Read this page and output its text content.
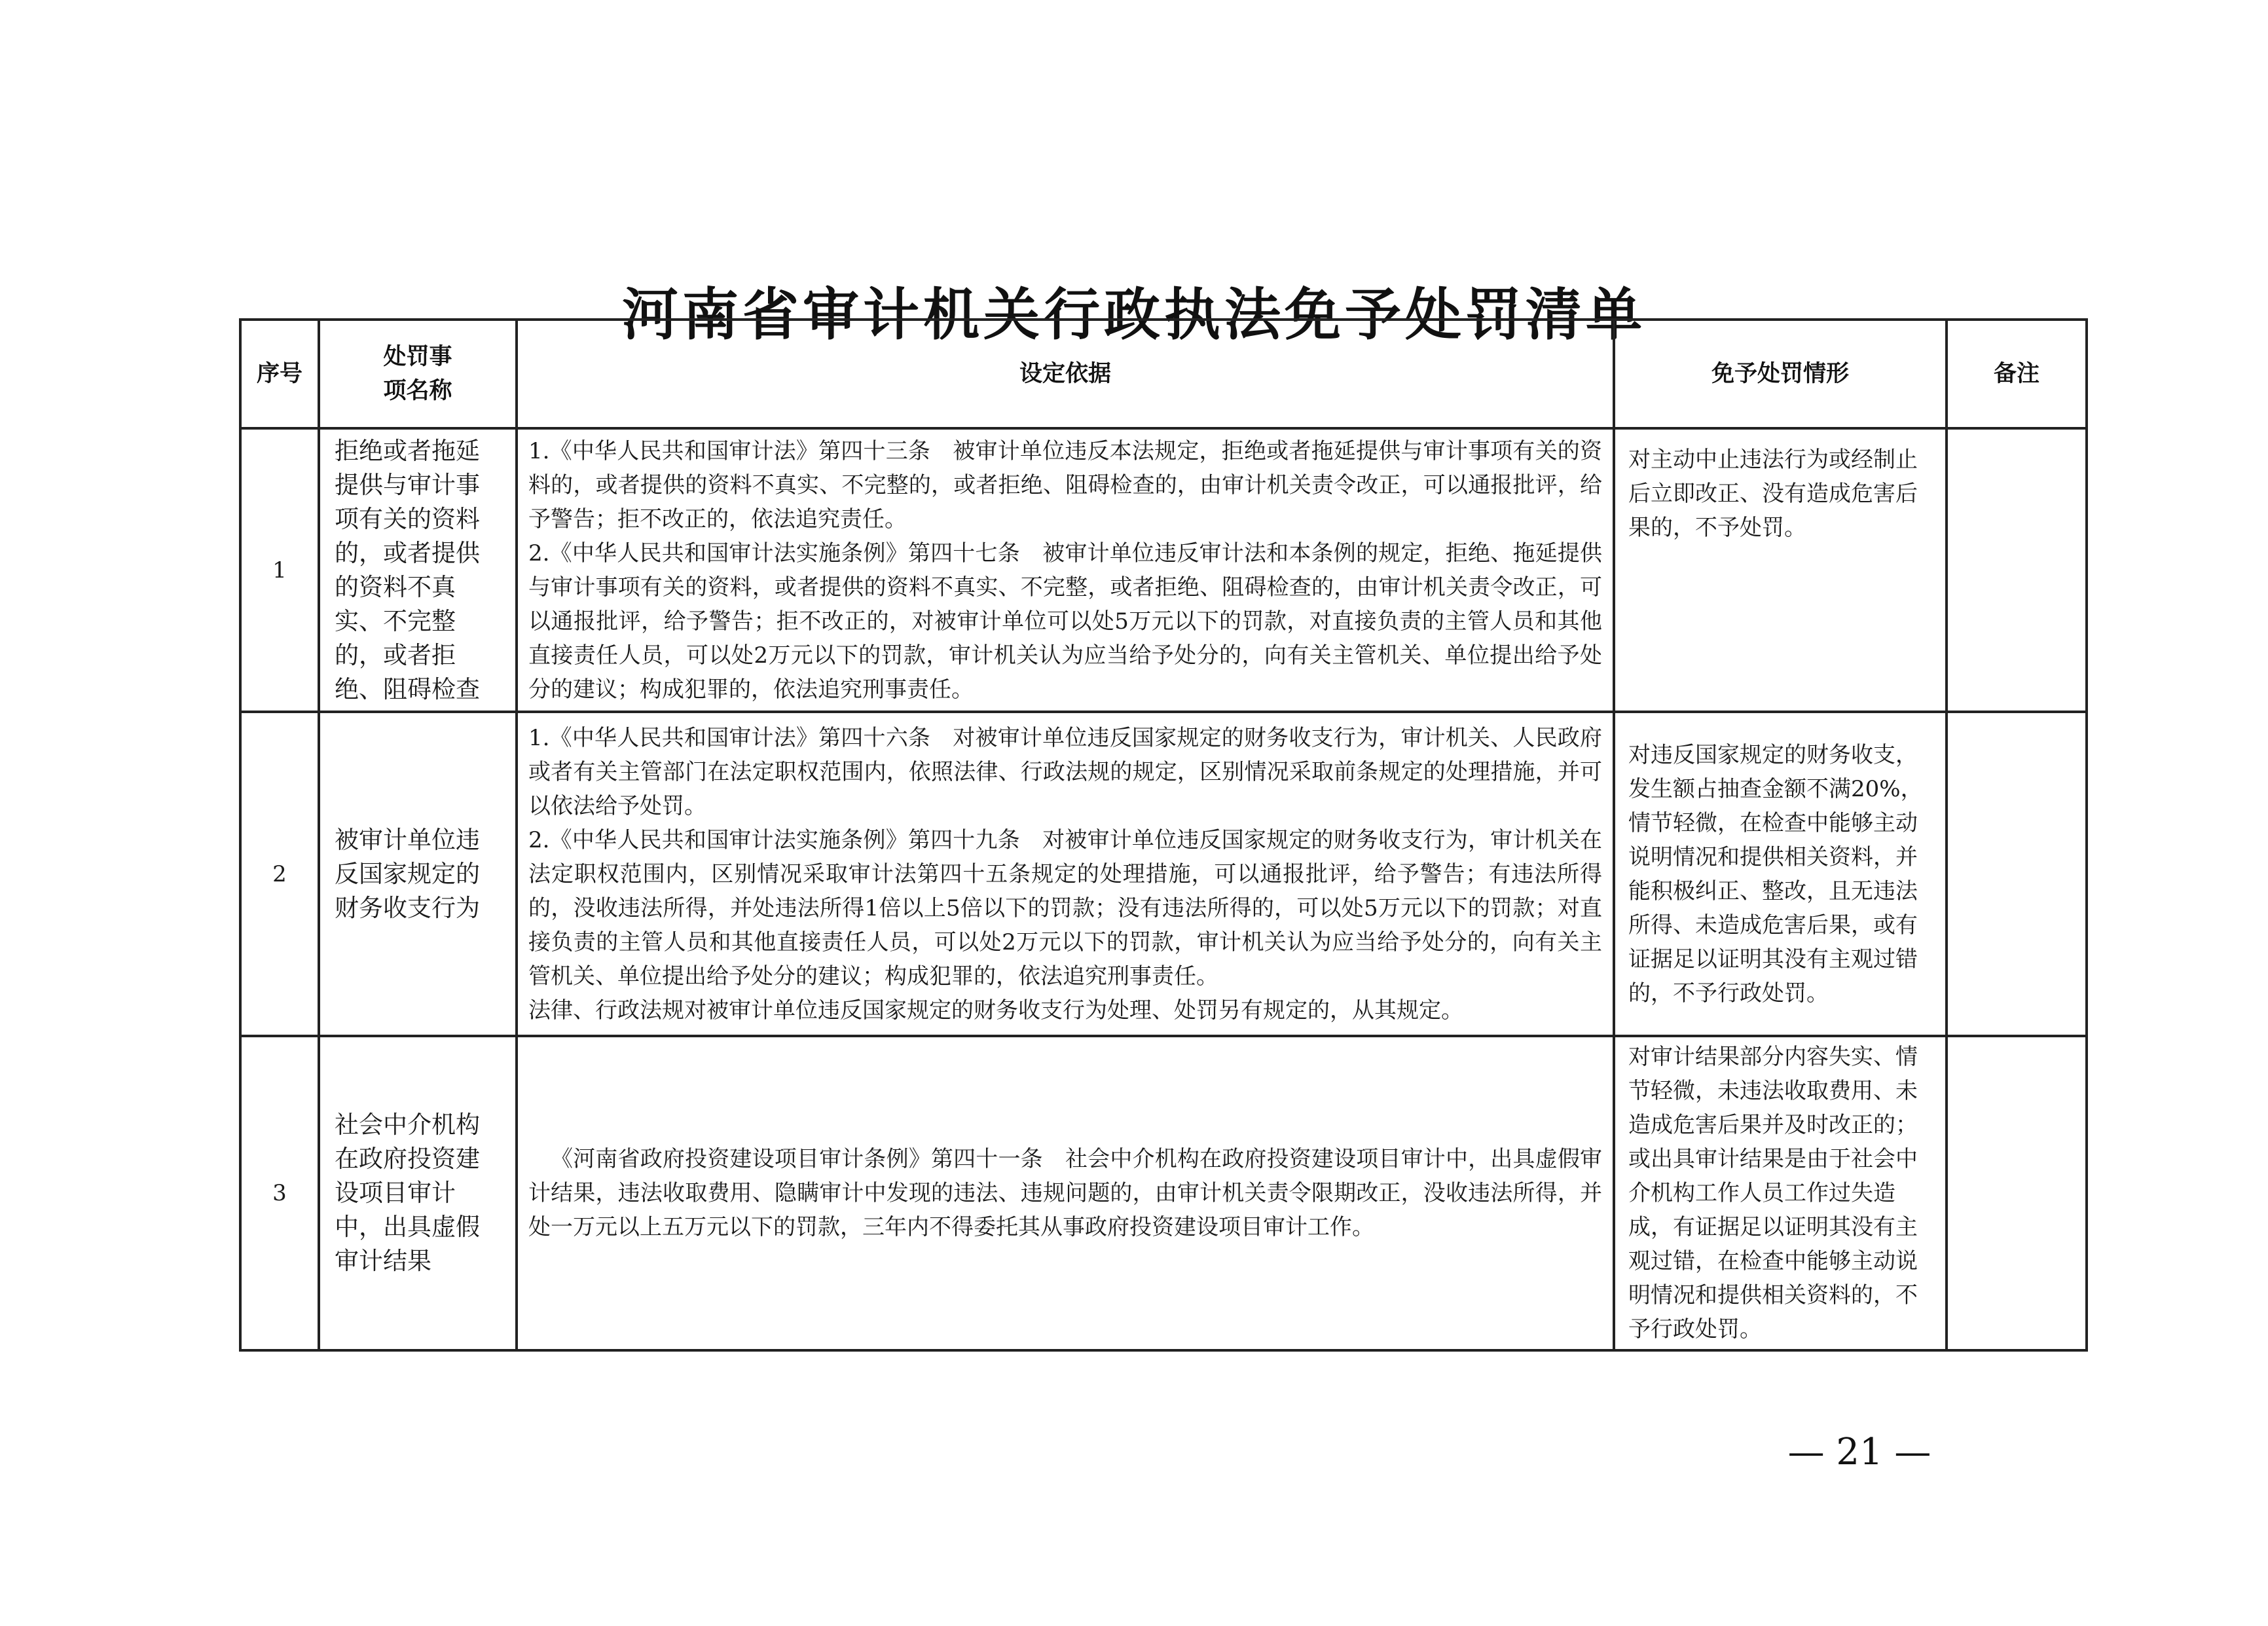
河南省审计机关行政执法免予处罚清单
序号	处罚事项名称	设定依据	免予处罚情形	备注
1	拒绝或者拖延提供与审计事项有关的资料的，或者提供的资料不真实、不完整的，或者拒绝、阻碍检查	1.《中华人民共和国审计法》第四十三条　被审计单位违反本法规定，拒绝或者拖延提供与审计事项有关的资料的，或者提供的资料不真实、不完整的，或者拒绝、阻碍检查的，由审计机关责令改正，可以通报批评，给予警告；拒不改正的，依法追究责任。

2.《中华人民共和国审计法实施条例》第四十七条　被审计单位违反审计法和本条例的规定，拒绝、拖延提供与审计事项有关的资料，或者提供的资料不真实、不完整，或者拒绝、阻碍检查的，由审计机关责令改正，可以通报批评，给予警告；拒不改正的，对被审计单位可以处5万元以下的罚款，对直接负责的主管人员和其他直接责任人员，可以处2万元以下的罚款，审计机关认为应当给予处分的，向有关主管机关、单位提出给予处分的建议；构成犯罪的，依法追究刑事责任。	对主动中止违法行为或经制止后立即改正、没有造成危害后果的，不予处罚。	
2	被审计单位违反国家规定的财务收支行为	1.《中华人民共和国审计法》第四十六条　对被审计单位违反国家规定的财务收支行为，审计机关、人民政府或者有关主管部门在法定职权范围内，依照法律、行政法规的规定，区别情况采取前条规定的处理措施，并可以依法给予处罚。

2.《中华人民共和国审计法实施条例》第四十九条　对被审计单位违反国家规定的财务收支行为，审计机关在法定职权范围内，区别情况采取审计法第四十五条规定的处理措施，可以通报批评，给予警告；有违法所得的，没收违法所得，并处违法所得1倍以上5倍以下的罚款；没有违法所得的，可以处5万元以下的罚款；对直接负责的主管人员和其他直接责任人员，可以处2万元以下的罚款，审计机关认为应当给予处分的，向有关主管机关、单位提出给予处分的建议；构成犯罪的，依法追究刑事责任。

法律、行政法规对被审计单位违反国家规定的财务收支行为处理、处罚另有规定的，从其规定。	对违反国家规定的财务收支，发生额占抽查金额不满20%，情节轻微，在检查中能够主动说明情况和提供相关资料，并能积极纠正、整改，且无违法所得、未造成危害后果，或有证据足以证明其没有主观过错的，不予行政处罚。	
3	社会中介机构在政府投资建设项目审计中，出具虚假审计结果	《河南省政府投资建设项目审计条例》第四十一条　社会中介机构在政府投资建设项目审计中，出具虚假审计结果，违法收取费用、隐瞒审计中发现的违法、违规问题的，由审计机关责令限期改正，没收违法所得，并处一万元以上五万元以下的罚款，三年内不得委托其从事政府投资建设项目审计工作。	对审计结果部分内容失实、情节轻微，未违法收取费用、未造成危害后果并及时改正的；或出具审计结果是由于社会中介机构工作人员工作过失造成，有证据足以证明其没有主观过错，在检查中能够主动说明情况和提供相关资料的，不予行政处罚。	
— 21 —
